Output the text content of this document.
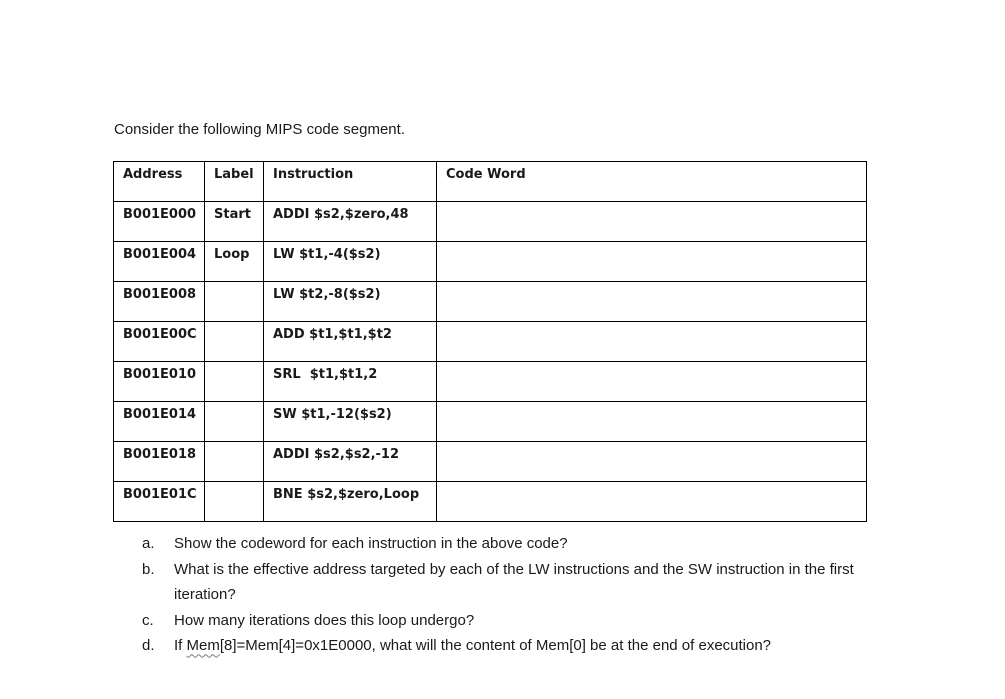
Consider the following MIPS code segment.

Address	Label	Instruction	Code Word
B001E000	Start	ADDI $s2,$zero,48	
B001E004	Loop	LW $t1,-4($s2)	
B001E008		LW $t2,-8($s2)	
B001E00C		ADD $t1,$t1,$t2	
B001E010		SRL  $t1,$t1,2	
B001E014		SW $t1,-12($s2)	
B001E018		ADDI $s2,$s2,-12	
B001E01C		BNE $s2,$zero,Loop	
a.	Show the codeword for each instruction in the above code?
b.	What is the effective address targeted by each of the LW instructions and the SW instruction in the first iteration?
c.	How many iterations does this loop undergo?
d.	If Mem[8]=Mem[4]=0x1E0000, what will the content of Mem[0] be at the end of execution?
